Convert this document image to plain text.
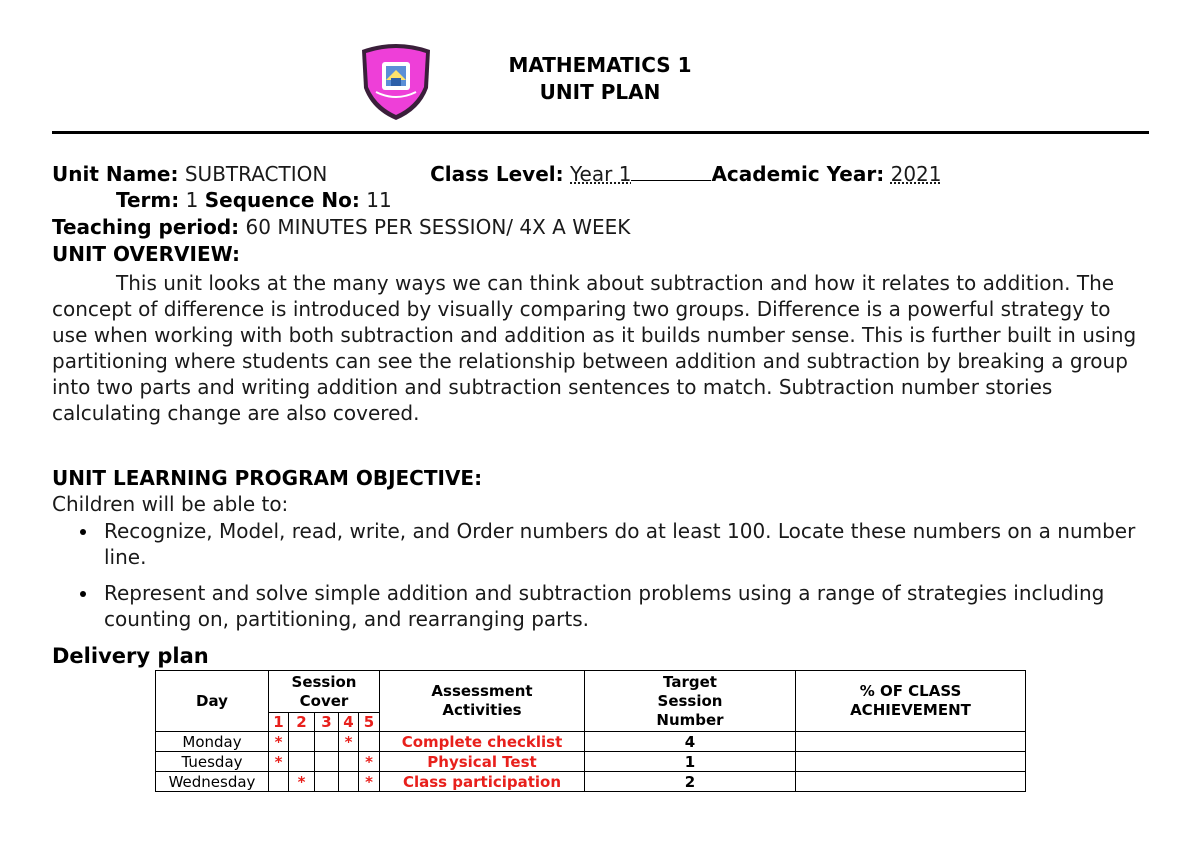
MATHEMATICS 1
UNIT PLAN
Unit Name: SUBTRACTION	Class Level: Year 1	Academic Year: 2021
Term: 1 Sequence No: 11
Teaching period: 60 MINUTES PER SESSION/ 4X A WEEK
UNIT OVERVIEW:
This unit looks at the many ways we can think about subtraction and how it relates to addition. The concept of difference is introduced by visually comparing two groups. Difference is a powerful strategy to use when working with both subtraction and addition as it builds number sense. This is further built in using partitioning where students can see the relationship between addition and subtraction by breaking a group into two parts and writing addition and subtraction sentences to match. Subtraction number stories calculating change are also covered.
UNIT LEARNING PROGRAM OBJECTIVE:
Children will be able to:
Recognize, Model, read, write, and Order numbers do at least 100. Locate these numbers on a number line.
Represent and solve simple addition and subtraction problems using a range of strategies including counting on, partitioning, and rearranging parts.
Delivery plan
Day	Session Cover					Assessment Activities	Target Session Number	% OF CLASS ACHIEVEMENT
	1	2	3	4	5			
Monday	*			*		Complete checklist	4	
Tuesday	*				*	Physical Test	1	
Wednesday		*			*	Class participation	2	
